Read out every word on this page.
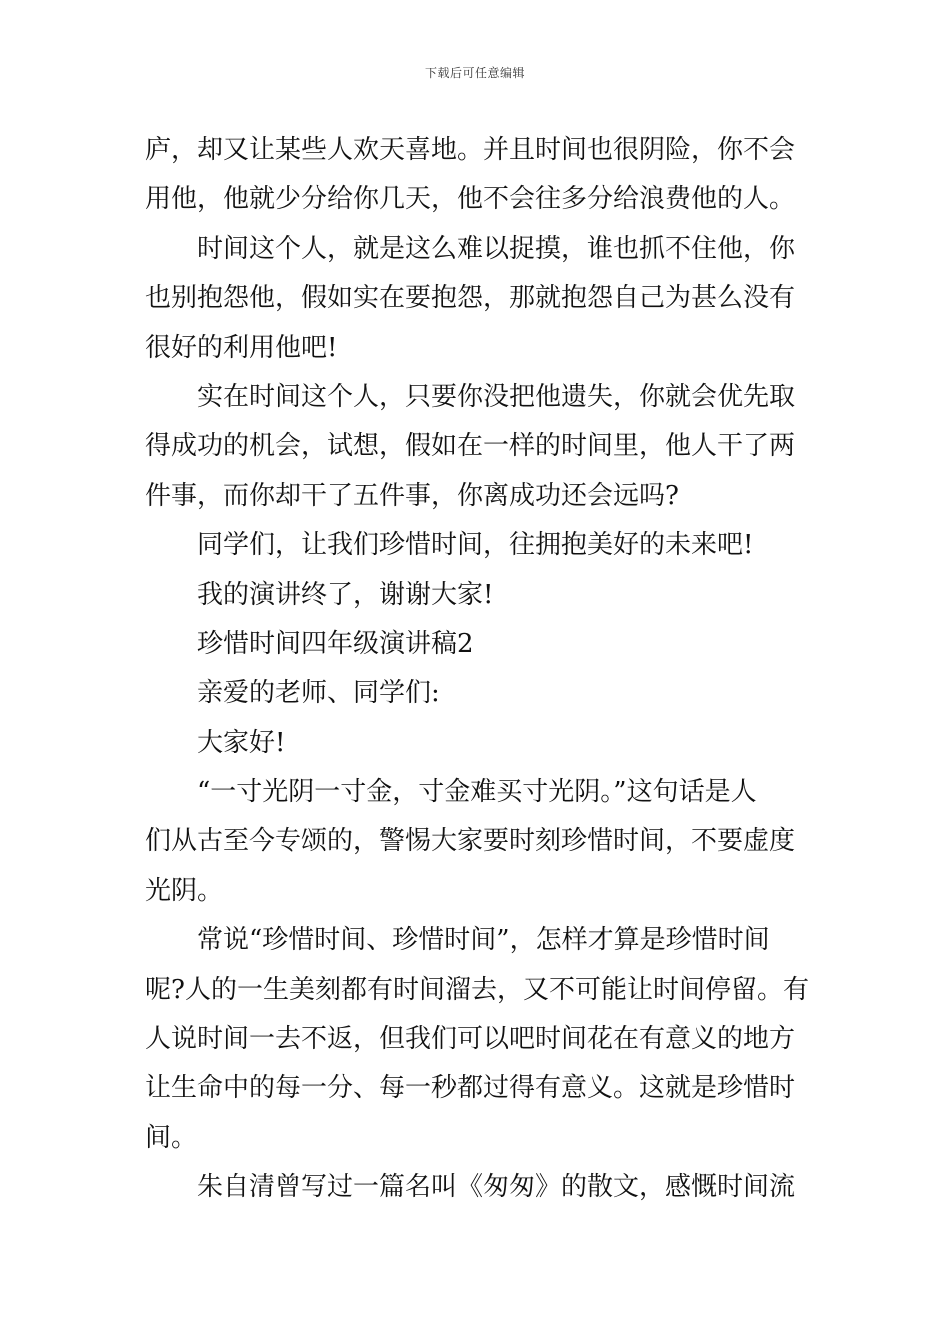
下载后可任意编辑
庐，却又让某些人欢天喜地。并且时间也很阴险，你不会
用他，他就少分给你几天，他不会往多分给浪费他的人。
时间这个人，就是这么难以捉摸，谁也抓不住他，你
也别抱怨他，假如实在要抱怨，那就抱怨自己为甚么没有
很好的利用他吧!
实在时间这个人，只要你没把他遗失，你就会优先取
得成功的机会，试想，假如在一样的时间里，他人干了两
件事，而你却干了五件事，你离成功还会远吗?
同学们，让我们珍惜时间，往拥抱美好的未来吧!
我的演讲终了，谢谢大家!
珍惜时间四年级演讲稿2
亲爱的老师、同学们:
大家好!
“一寸光阴一寸金，寸金难买寸光阴。”这句话是人
们从古至今专颂的，警惕大家要时刻珍惜时间，不要虚度
光阴。
常说“珍惜时间、珍惜时间”，怎样才算是珍惜时间
呢?人的一生美刻都有时间溜去，又不可能让时间停留。有
人说时间一去不返，但我们可以吧时间花在有意义的地方
让生命中的每一分、每一秒都过得有意义。这就是珍惜时
间。
朱自清曾写过一篇名叫《匆匆》的散文，感慨时间流
